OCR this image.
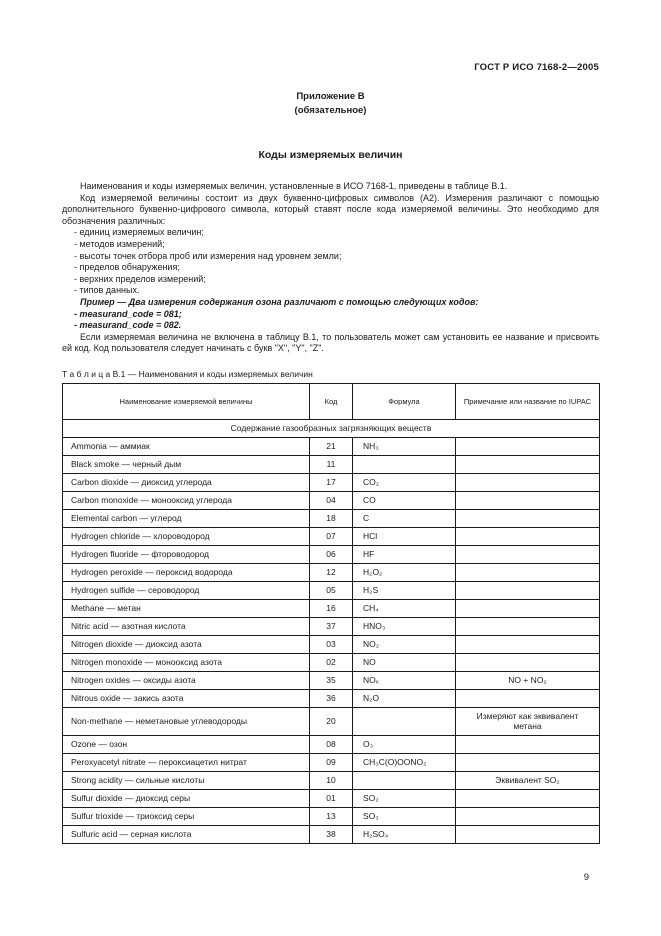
ГОСТ Р ИСО 7168-2—2005
Приложение В
(обязательное)
Коды измеряемых величин

Наименования и коды измеряемых величин, установленные в ИСО 7168-1, приведены в таблице В.1.

Код измеряемой величины состоит из двух буквенно-цифровых символов (А2). Измерения различают с помощью дополнительного буквенно-цифрового символа, который ставят после кода измеряемой величины. Это необходимо для обозначения различных:

- единиц измеряемых величин;
- методов измерений;
- высоты точек отбора проб или измерения над уровнем земли;
- пределов обнаружения;
- верхних пределов измерений;
- типов данных.

Пример — Два измерения содержания озона различают с помощью следующих кодов:

- measurand_code = 081;
- measurand_code = 082.

Если измеряемая величина не включена в таблицу В.1, то пользователь может сам установить ее название и присвоить ей код. Код пользователя следует начинать с букв "X", "Y", "Z".

Т а б л и ц а В.1 — Наименования и коды измеряемых величин

Наименование измеряемой величины	Код	Формула	Примечание или название по IUPAC
Содержание газообразных загрязняющих веществ			
Ammonia — аммиак	21	NH₃	
Black smoke — черный дым	11		
Carbon dioxide — диоксид углерода	17	CO₂	
Carbon monoxide — монооксид углерода	04	CO	
Elemental carbon — углерод	18	C	
Hydrogen chloride — хлороводород	07	HCl	
Hydrogen fluoride — фтороводород	06	HF	
Hydrogen peroxide — пероксид водорода	12	H₂O₂	
Hydrogen sulfide — сероводород	05	H₂S	
Methane — метан	16	CH₄	
Nitric acid — азотная кислота	37	HNO₃	
Nitrogen dioxide — диоксид азота	03	NO₂	
Nitrogen monoxide — монооксид азота	02	NO	
Nitrogen oxides — оксиды азота	35	NOₓ	NO + NO₂
Nitrous oxide — закись азота	36	N₂O	
Non-methane — неметановые углеводороды	20		Измеряют как эквивалент метана
Ozone — озон	08	O₃	
Peroxyacetyl nitrate — пероксиацетил нитрат	09	CH₃C(O)OONO₂	
Strong acidity — сильные кислоты	10		Эквивалент SO₂
Sulfur dioxide — диоксид серы	01	SO₂	
Sulfur trioxide — триоксид серы	13	SO₃	
Sulfuric acid — серная кислота	38	H₂SO₄	
9
